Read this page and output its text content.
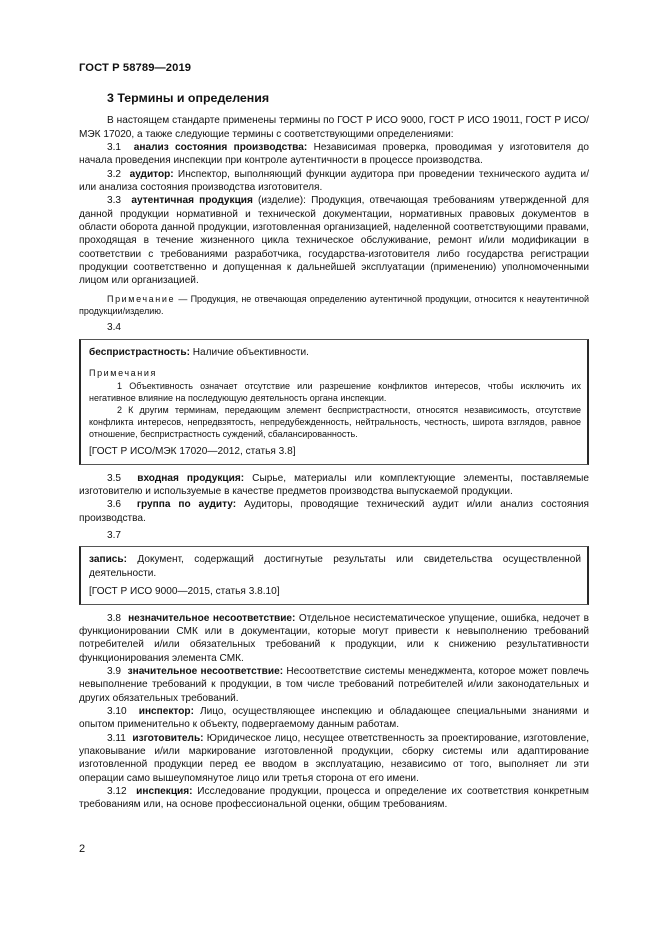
ГОСТ Р 58789—2019
3 Термины и определения

В настоящем стандарте применены термины по ГОСТ Р ИСО 9000, ГОСТ Р ИСО 19011, ГОСТ Р ИСО/МЭК 17020, а также следующие термины с соответствующими определениями:

3.1 анализ состояния производства: Независимая проверка, проводимая у изготовителя до начала проведения инспекции при контроле аутентичности в процессе производства.

3.2 аудитор: Инспектор, выполняющий функции аудитора при проведении технического аудита и/или анализа состояния производства изготовителя.

3.3 аутентичная продукция (изделие): Продукция, отвечающая требованиям утвержденной для данной продукции нормативной и технической документации, нормативных правовых документов в области оборота данной продукции, изготовленная организацией, наделенной соответствующими правами, проходящая в течение жизненного цикла техническое обслуживание, ремонт и/или модификации в соответствии с требованиями разработчика, государства-изготовителя либо государства регистрации продукции соответственно и допущенная к дальнейшей эксплуатации (применению) уполномоченными лицом или организацией.

Примечание — Продукция, не отвечающая определению аутентичной продукции, относится к неаутентичной продукции/изделию.

3.4

беспристрастность: Наличие объективности.

Примечания

1 Объективность означает отсутствие или разрешение конфликтов интересов, чтобы исключить их негативное влияние на последующую деятельность органа инспекции.

2 К другим терминам, передающим элемент беспристрастности, относятся независимость, отсутствие конфликта интересов, непредвзятость, непредубежденность, нейтральность, честность, широта взглядов, равное отношение, беспристрастность суждений, сбалансированность.

[ГОСТ Р ИСО/МЭК 17020—2012, статья 3.8]

3.5 входная продукция: Сырье, материалы или комплектующие элементы, поставляемые изготовителю и используемые в качестве предметов производства выпускаемой продукции.

3.6 группа по аудиту: Аудиторы, проводящие технический аудит и/или анализ состояния производства.

3.7

запись: Документ, содержащий достигнутые результаты или свидетельства осуществленной деятельности.

[ГОСТ Р ИСО 9000—2015, статья 3.8.10]

3.8 незначительное несоответствие: Отдельное несистематическое упущение, ошибка, недочет в функционировании СМК или в документации, которые могут привести к невыполнению требований потребителей и/или обязательных требований к продукции, или к снижению результативности функционирования элемента СМК.

3.9 значительное несоответствие: Несоответствие системы менеджмента, которое может повлечь невыполнение требований к продукции, в том числе требований потребителей и/или законодательных и других обязательных требований.

3.10 инспектор: Лицо, осуществляющее инспекцию и обладающее специальными знаниями и опытом применительно к объекту, подвергаемому данным работам.

3.11 изготовитель: Юридическое лицо, несущее ответственность за проектирование, изготовление, упаковывание и/или маркирование изготовленной продукции, сборку системы или адаптирование изготовленной продукции перед ее вводом в эксплуатацию, независимо от того, выполняет ли эти операции само вышеупомянутое лицо или третья сторона от его имени.

3.12 инспекция: Исследование продукции, процесса и определение их соответствия конкретным требованиям или, на основе профессиональной оценки, общим требованиям.

2
